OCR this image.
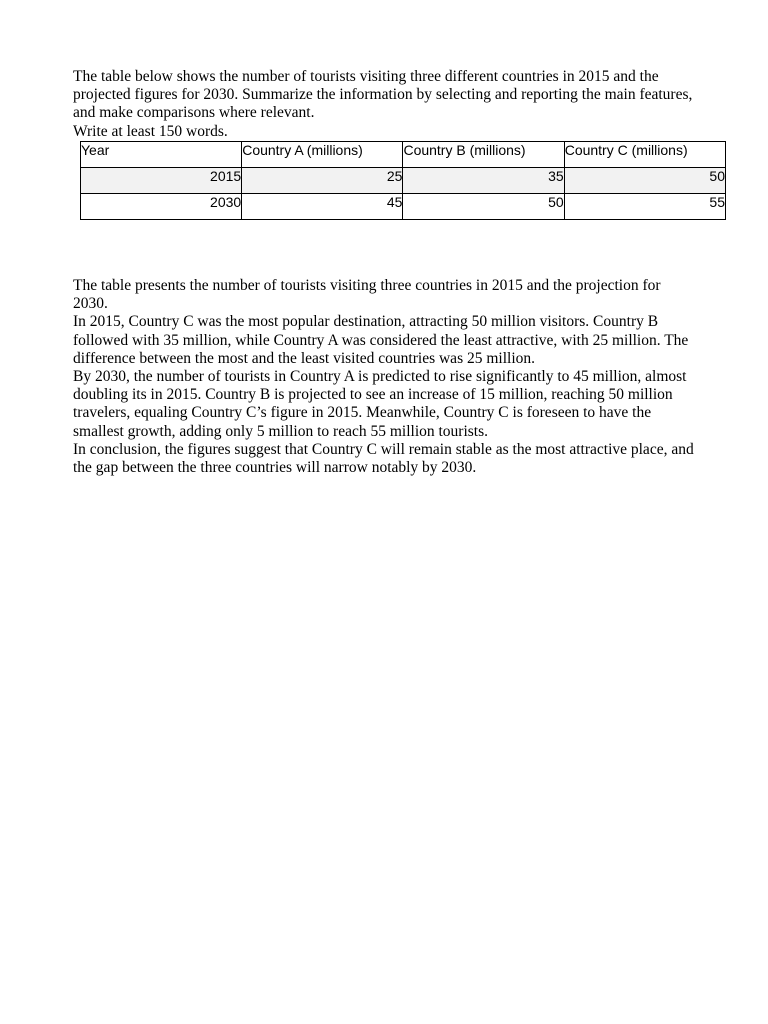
The table below shows the number of tourists visiting three different countries in 2015 and the projected figures for 2030. Summarize the information by selecting and reporting the main features, and make comparisons where relevant.

Write at least 150 words.

Year	Country A (millions)	Country B (millions)	Country C (millions)
2015	25	35	50
2030	45	50	55

The table presents the number of tourists visiting three countries in 2015 and the projection for 2030.

In 2015, Country C was the most popular destination, attracting 50 million visitors. Country B followed with 35 million, while Country A was considered the least attractive, with 25 million. The difference between the most and the least visited countries was 25 million.

By 2030, the number of tourists in Country A is predicted to rise significantly to 45 million, almost doubling its in 2015. Country B is projected to see an increase of 15 million, reaching 50 million travelers, equaling Country C’s figure in 2015. Meanwhile, Country C is foreseen to have the smallest growth, adding only 5 million to reach 55 million tourists.

In conclusion, the figures suggest that Country C will remain stable as the most attractive place, and the gap between the three countries will narrow notably by 2030.
